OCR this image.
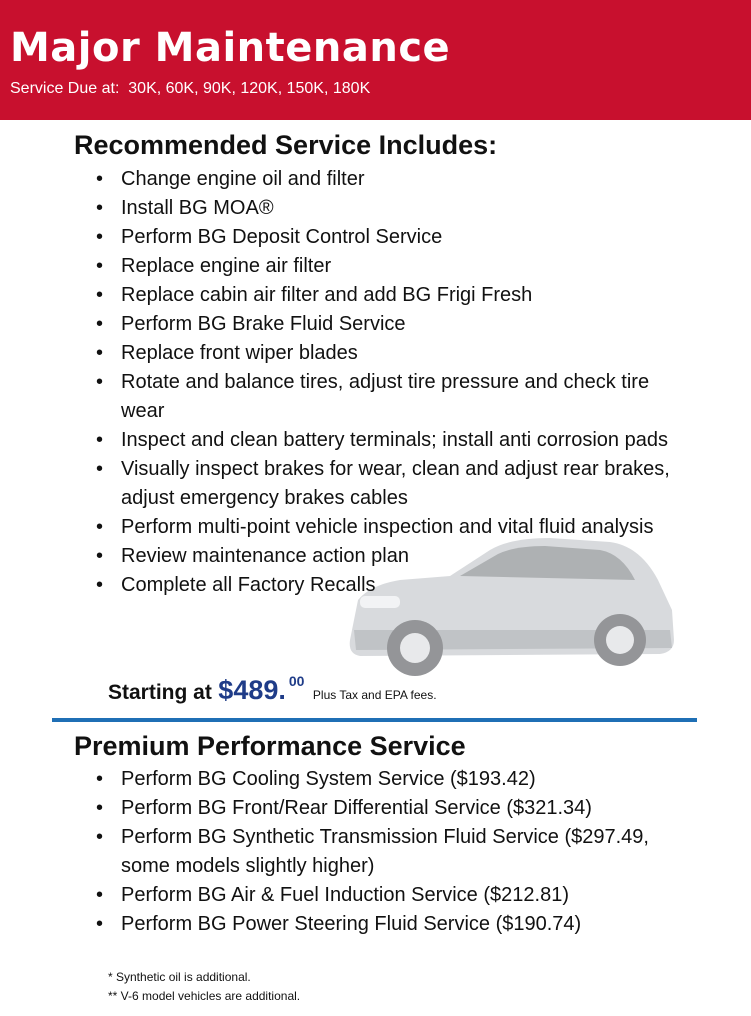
Major Maintenance
Service Due at:  30K, 60K, 90K, 120K, 150K, 180K
Recommended Service Includes:
• Change engine oil and filter
• Install BG MOA®
• Perform BG Deposit Control Service
• Replace engine air filter
• Replace cabin air filter and add BG Frigi Fresh
• Perform BG Brake Fluid Service
• Replace front wiper blades
• Rotate and balance tires, adjust tire pressure and check tire wear
• Inspect and clean battery terminals; install anti corrosion pads
• Visually inspect brakes for wear, clean and adjust rear brakes, adjust emergency brakes cables
• Perform multi-point vehicle inspection and vital fluid analysis
• Review maintenance action plan
• Complete all Factory Recalls
Starting at $489. 00 Plus Tax and EPA fees.
Premium Performance Service
• Perform BG Cooling System Service ($193.42)
• Perform BG Front/Rear Differential Service ($321.34)
• Perform BG Synthetic Transmission Fluid Service ($297.49, some models slightly higher)
• Perform BG Air & Fuel Induction Service ($212.81)
• Perform BG Power Steering Fluid Service ($190.74)
* Synthetic oil is additional.
** V-6 model vehicles are additional.
